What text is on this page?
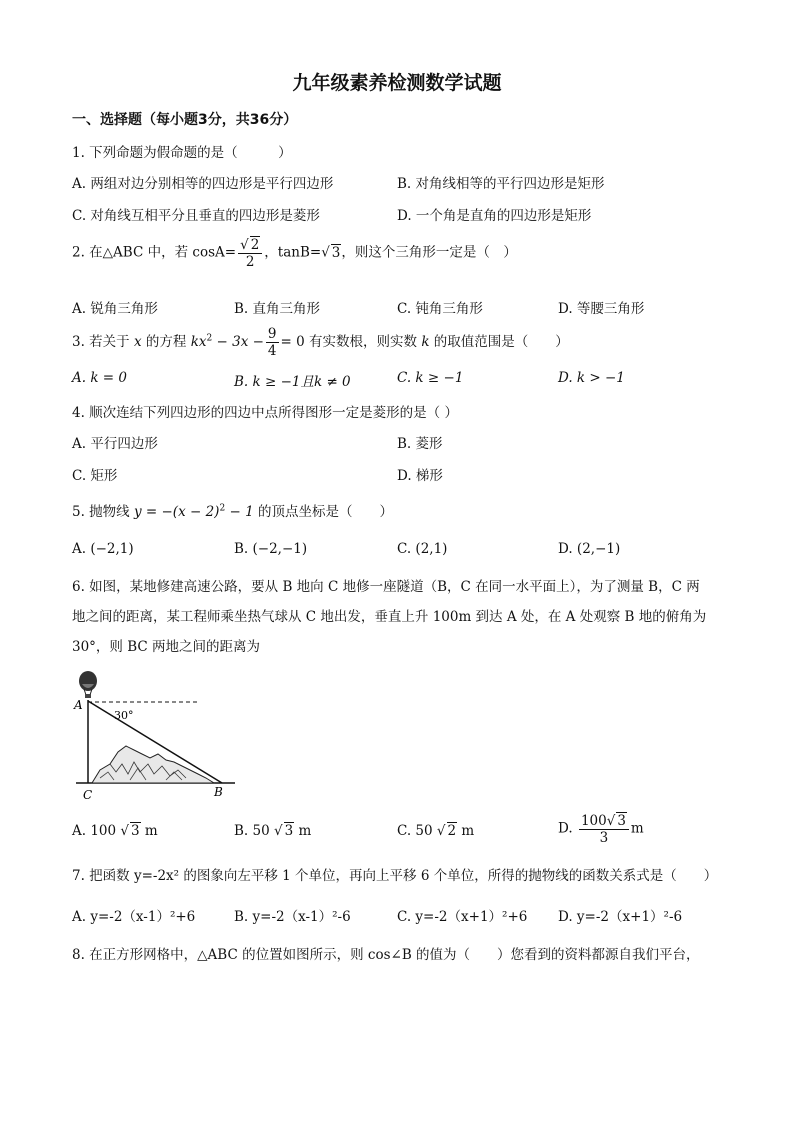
九年级素养检测数学试题
一、选择题（每小题3分，共36分）
1. 下列命题为假命题的是（　　　）
A. 两组对边分别相等的四边形是平行四边形	B. 对角线相等的平行四边形是矩形
C. 对角线互相平分且垂直的四边形是菱形	D. 一个角是直角的四边形是矩形
2. 在△ABC 中，若 $\cos A= \frac{√ 2}{2}$ ，tanB=√ 3，则这个三角形一定是（　）
A. 锐角三角形	B. 直角三角形	C. 钝角三角形	D. 等腰三角形
3. 若关于 x 的方程 $kx^2 - 3x - \frac{9}{4} = 0$ 有实数根，则实数 k 的取值范围是（　　）
A. k = 0	B. k ≥ −1且k ≠ 0	C. k ≥ −1	D. k > −1
4. 顺次连结下列四边形的四边中点所得图形一定是菱形的是（ ）
A. 平行四边形	B. 菱形
C. 矩形	D. 梯形
5. 抛物线 $y = -(x - 2)^2 - 1$ 的顶点坐标是（　　）
A. (−2,1)	B. (−2,−1)	C. (2,1)	D. (2,−1)
6. 如图，某地修建高速公路，要从 B 地向 C 地修一座隧道（B，C 在同一水平面上），为了测量 B，C 两
地之间的距离，某工程师乘坐热气球从 C 地出发，垂直上升 100m 到达 A 处，在 A 处观察 B 地的俯角为
30°，则 BC 两地之间的距离为
A
30°
C	B
A. 100 √ 3 m	B. 50 √ 3 m	C. 50 √ 2 m	D. $\frac{100√ 3}{3}$ m
7. 把函数 y=-2x² 的图象向左平移 1 个单位，再向上平移 6 个单位，所得的抛物线的函数关系式是（　　）
A. y=-2（x-1）²+6	B. y=-2（x-1）²-6	C. y=-2（x+1）²+6 D. y=-2（x+1）²-6
8. 在正方形网格中，△ABC 的位置如图所示，则 cos∠B 的值为（　　）您看到的资料都源自我们平台，
